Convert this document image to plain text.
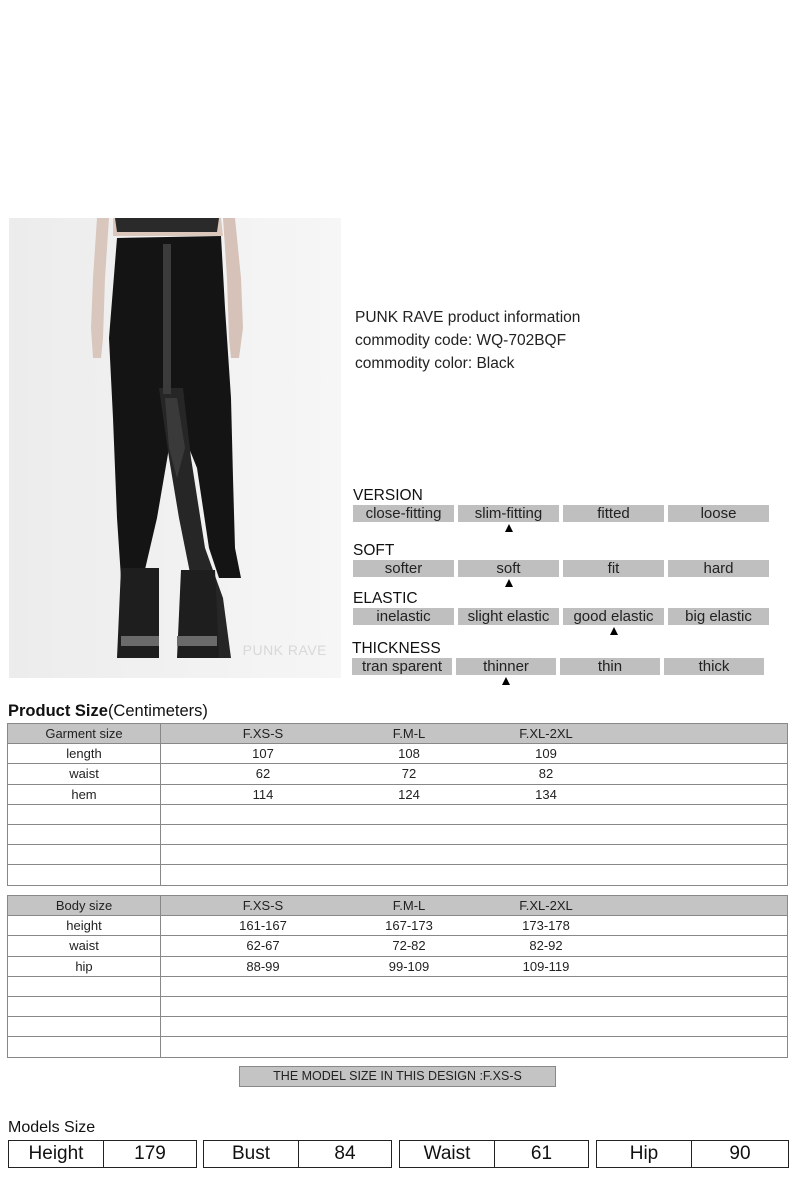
PUNK RAVE
PUNK RAVE product information
commodity code: WQ-702BQF
commodity color: Black
VERSION
close-fitting	slim-fitting	fitted	loose
SOFT
softer	soft	fit	hard
ELASTIC
inelastic	slight elastic	good elastic	big elastic
THICKNESS
tran sparent	thinner	thin	thick
Product Size(Centimeters)
Garment size	F.XS-S F.M-L F.XL-2XL

length	107 108 109

waist	62 72 82

hem	114 124 134

Body size	F.XS-S F.M-L F.XL-2XL

height	161-167 167-173 173-178

waist	62-67 72-82 82-92

hip	88-99 99-109 109-119

THE MODEL SIZE IN THIS DESIGN :F.XS-S
Models Size
Height	179	Bust	84	Waist	61	Hip	90
